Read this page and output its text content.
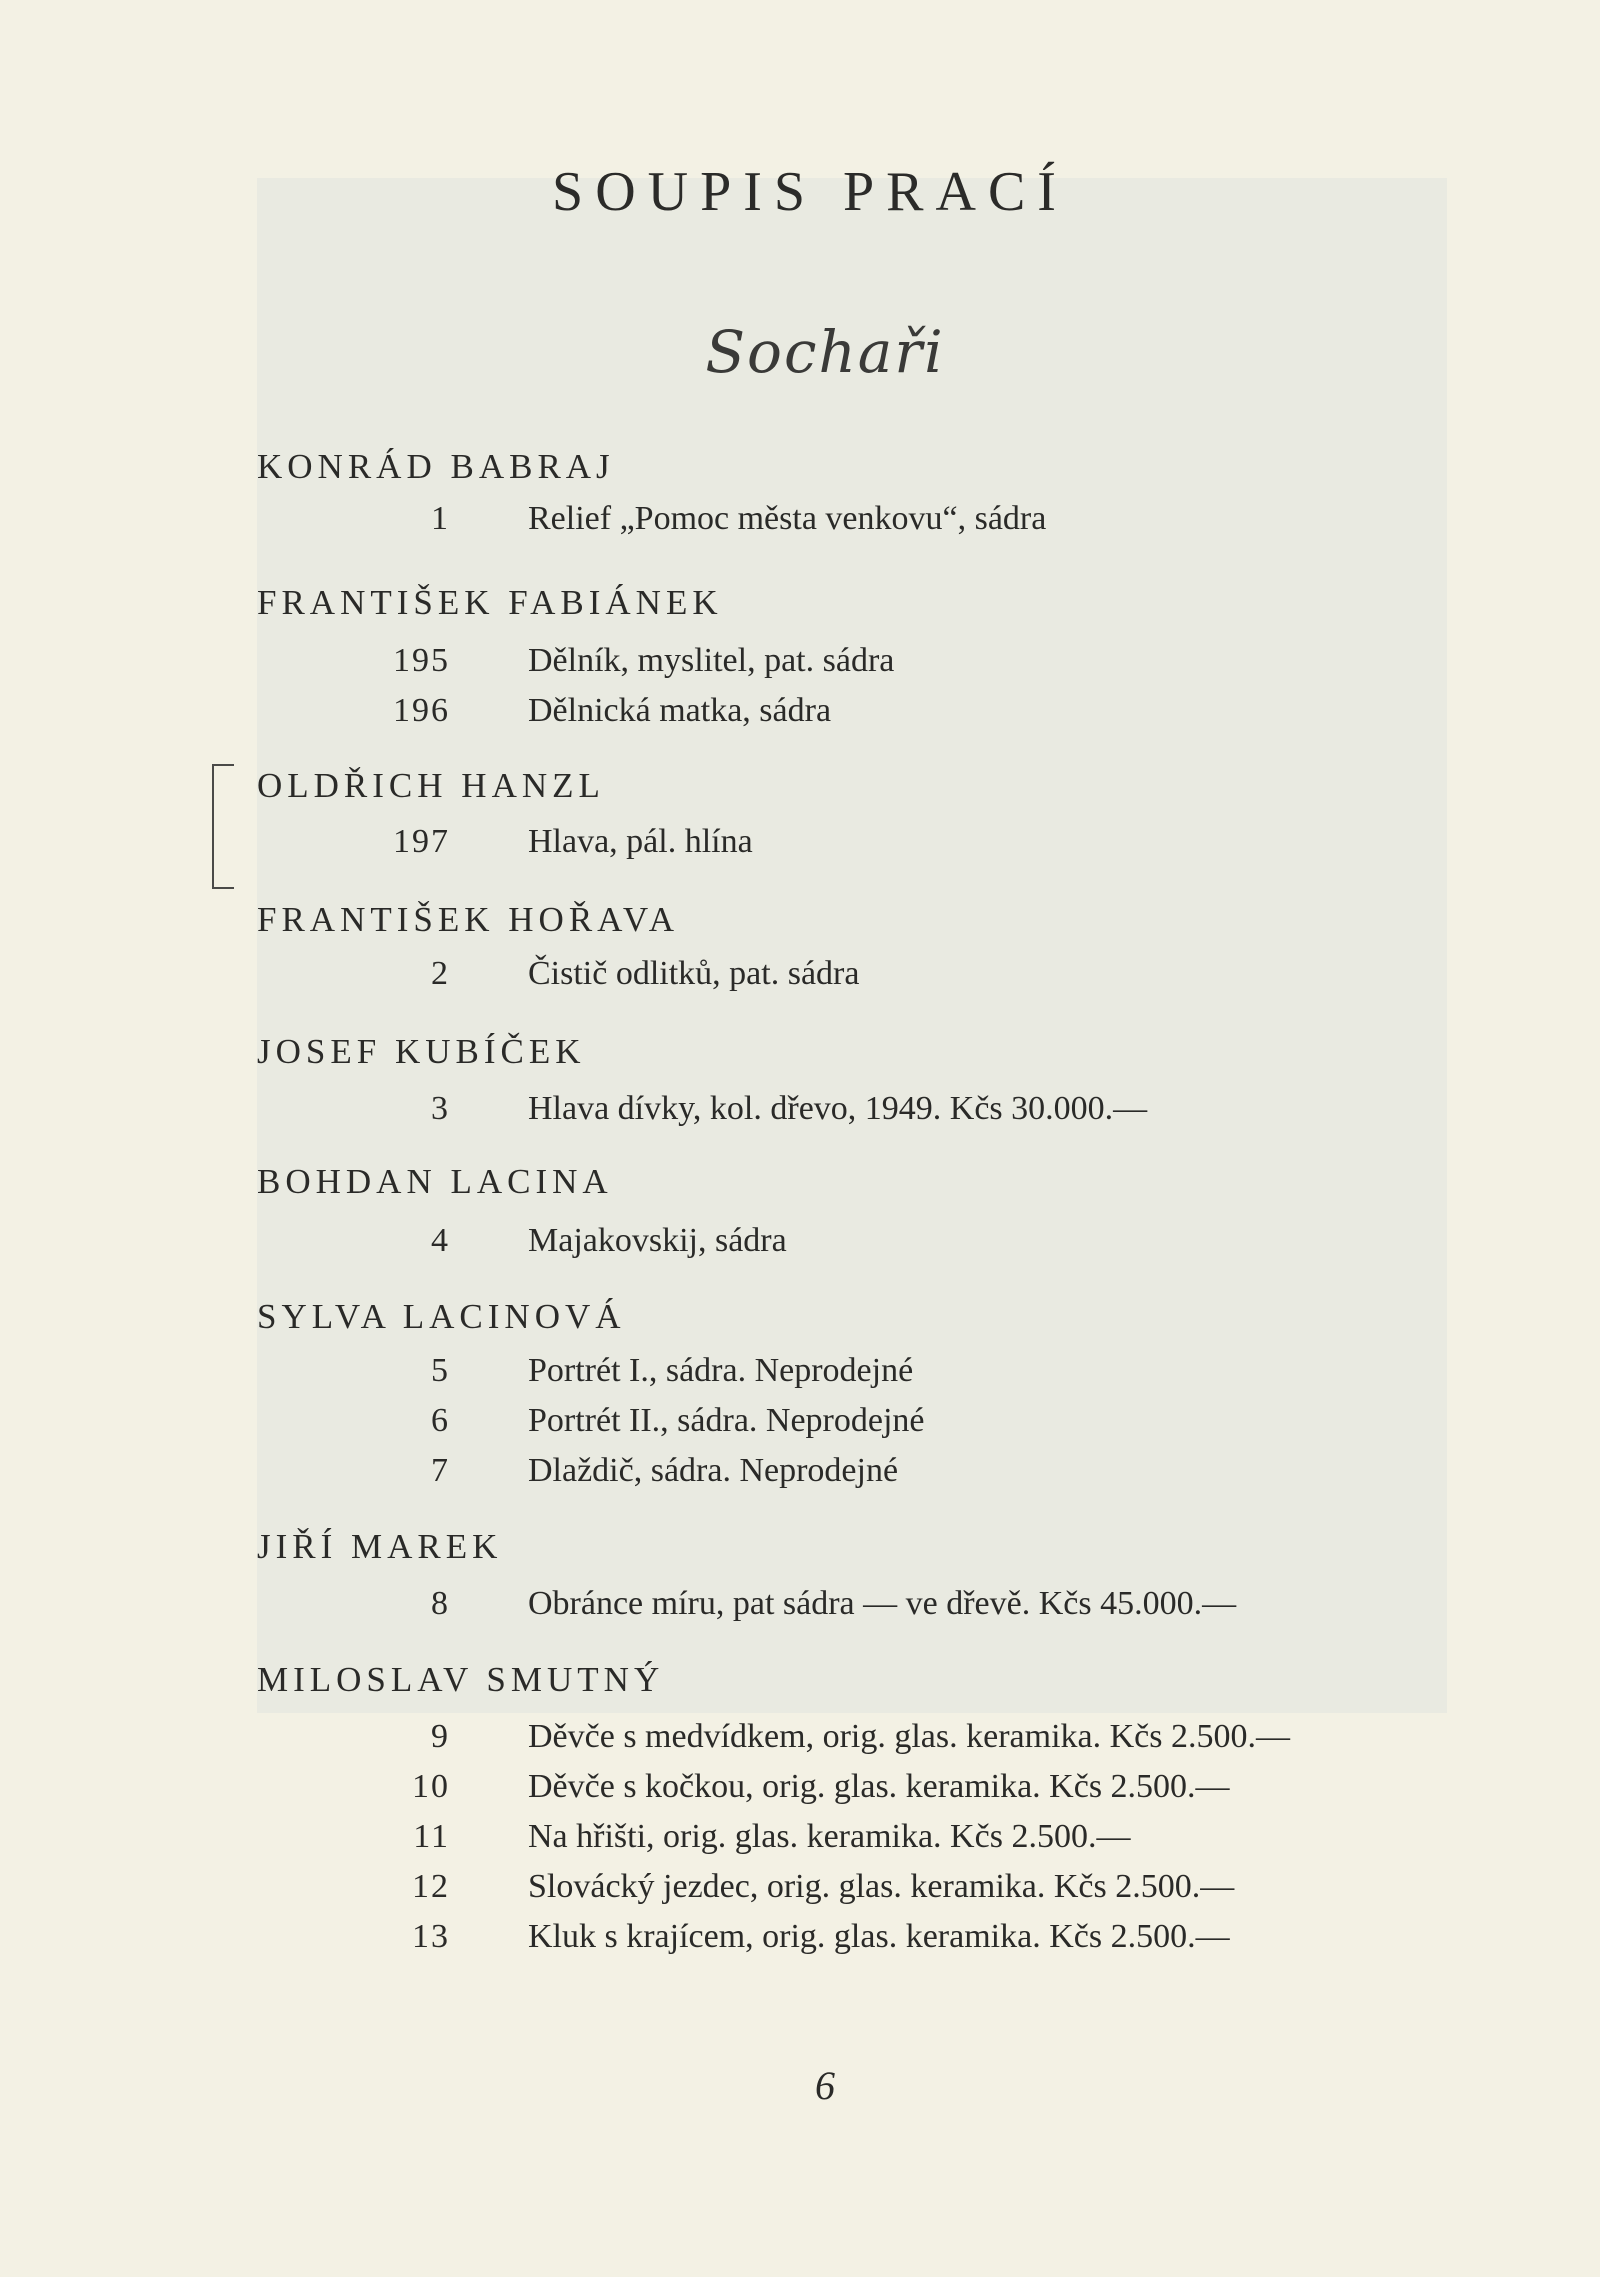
SOUPIS PRACÍ
Sochaři
KONRÁD BABRAJ
1 Relief „Pomoc města venkovu“, sádra
FRANTIŠEK FABIÁNEK
195 Dělník, myslitel, pat. sádra
196 Dělnická matka, sádra
OLDŘICH HANZL
197 Hlava, pál. hlína
FRANTIŠEK HOŘAVA
2 Čistič odlitků, pat. sádra
JOSEF KUBÍČEK
3 Hlava dívky, kol. dřevo, 1949. Kčs 30.000.—
BOHDAN LACINA
4 Majakovskij, sádra
SYLVA LACINOVÁ
5 Portrét I., sádra. Neprodejné
6 Portrét II., sádra. Neprodejné
7 Dlaždič, sádra. Neprodejné
JIŘÍ MAREK
8 Obránce míru, pat sádra — ve dřevě. Kčs 45.000.—
MILOSLAV SMUTNÝ
9 Děvče s medvídkem, orig. glas. keramika. Kčs 2.500.—
10 Děvče s kočkou, orig. glas. keramika. Kčs 2.500.—
11 Na hřišti, orig. glas. keramika. Kčs 2.500.—
12 Slovácký jezdec, orig. glas. keramika. Kčs 2.500.—
13 Kluk s krajícem, orig. glas. keramika. Kčs 2.500.—
6
